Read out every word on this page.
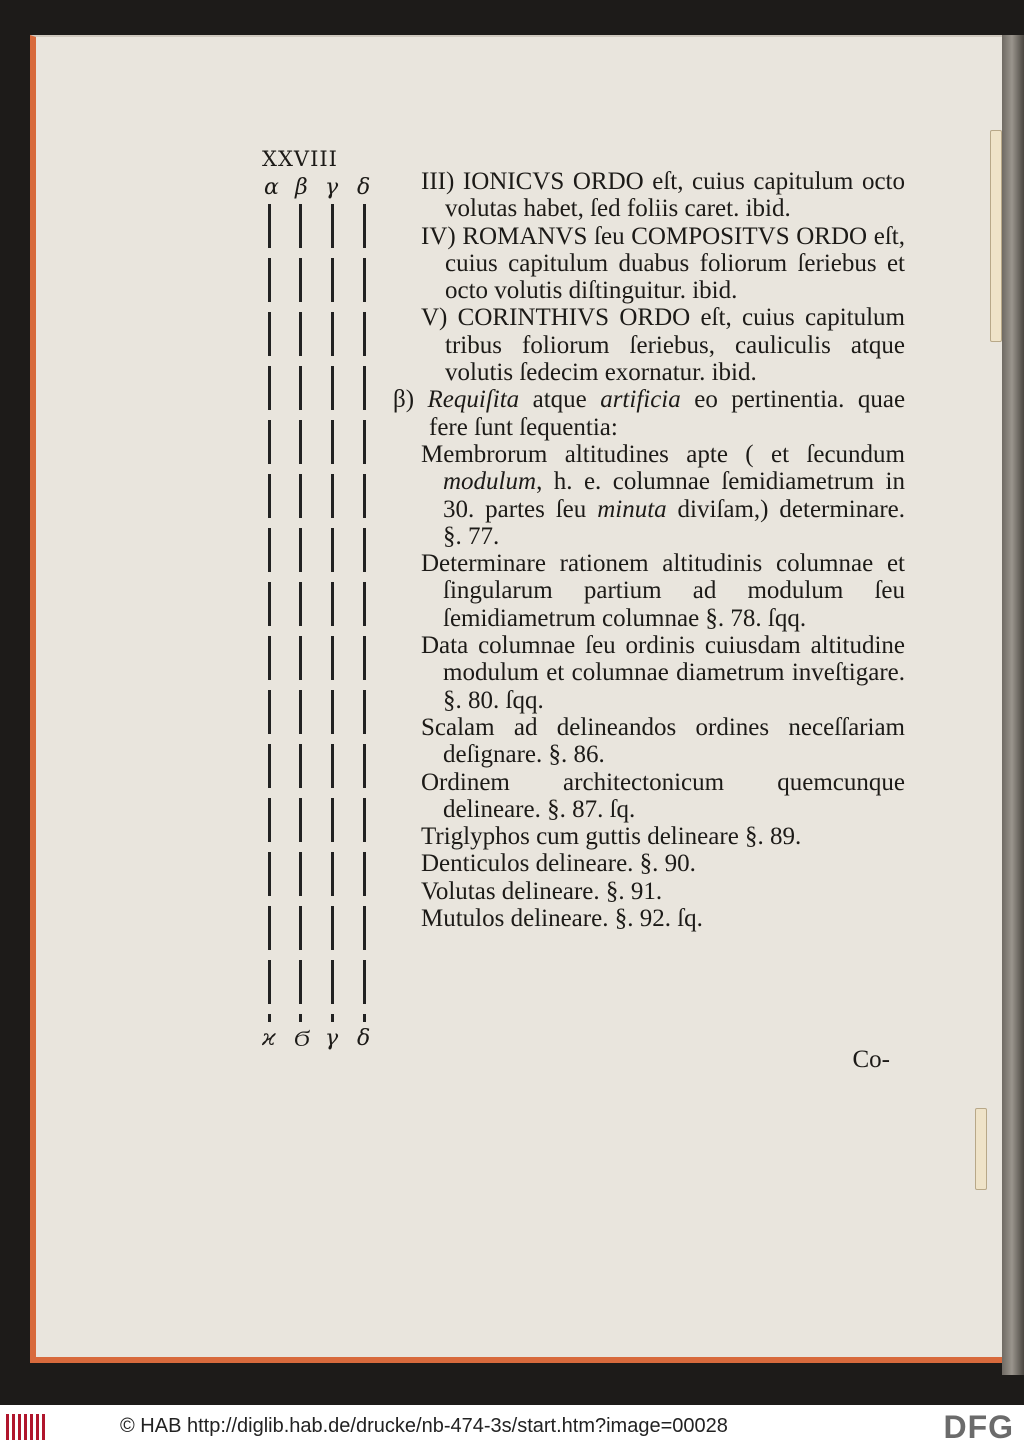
XXVIII
α β γ δ
ϰ Ϭ γ δ

III) IONICVS ORDO eſt, cuius capitulum octo volutas habet, ſed foliis caret. ibid.

IV) ROMANVS ſeu COMPOSITVS ORDO eſt, cuius capitulum duabus foliorum ſeriebus et octo volutis diſtinguitur. ibid.

V) CORINTHIVS ORDO eſt, cuius capitulum tribus foliorum ſeriebus, cauliculis atque volutis ſedecim exornatur. ibid.

β) Requiſita atque artificia eo pertinentia. quae fere ſunt ſequentia:

Membrorum altitudines apte ( et ſecundum modulum, h. e. columnae ſemidiametrum in 30. partes ſeu minuta diviſam,) determinare. §. 77.

Determinare rationem altitudinis columnae et ſingularum partium ad modulum ſeu ſemidiametrum columnae §. 78. ſqq.

Data columnae ſeu ordinis cuiusdam altitudine modulum et columnae diametrum inveſtigare. §. 80. ſqq.

Scalam ad delineandos ordines neceſſariam deſignare. §. 86.

Ordinem architectonicum quemcunque delineare. §. 87. ſq.

Triglyphos cum guttis delineare §. 89.

Denticulos delineare. §. 90.

Volutas delineare. §. 91.

Mutulos delineare. §. 92. ſq.

Co-
© HAB http://diglib.hab.de/drucke/nb-474-3s/start.htm?image=00028	DFG
